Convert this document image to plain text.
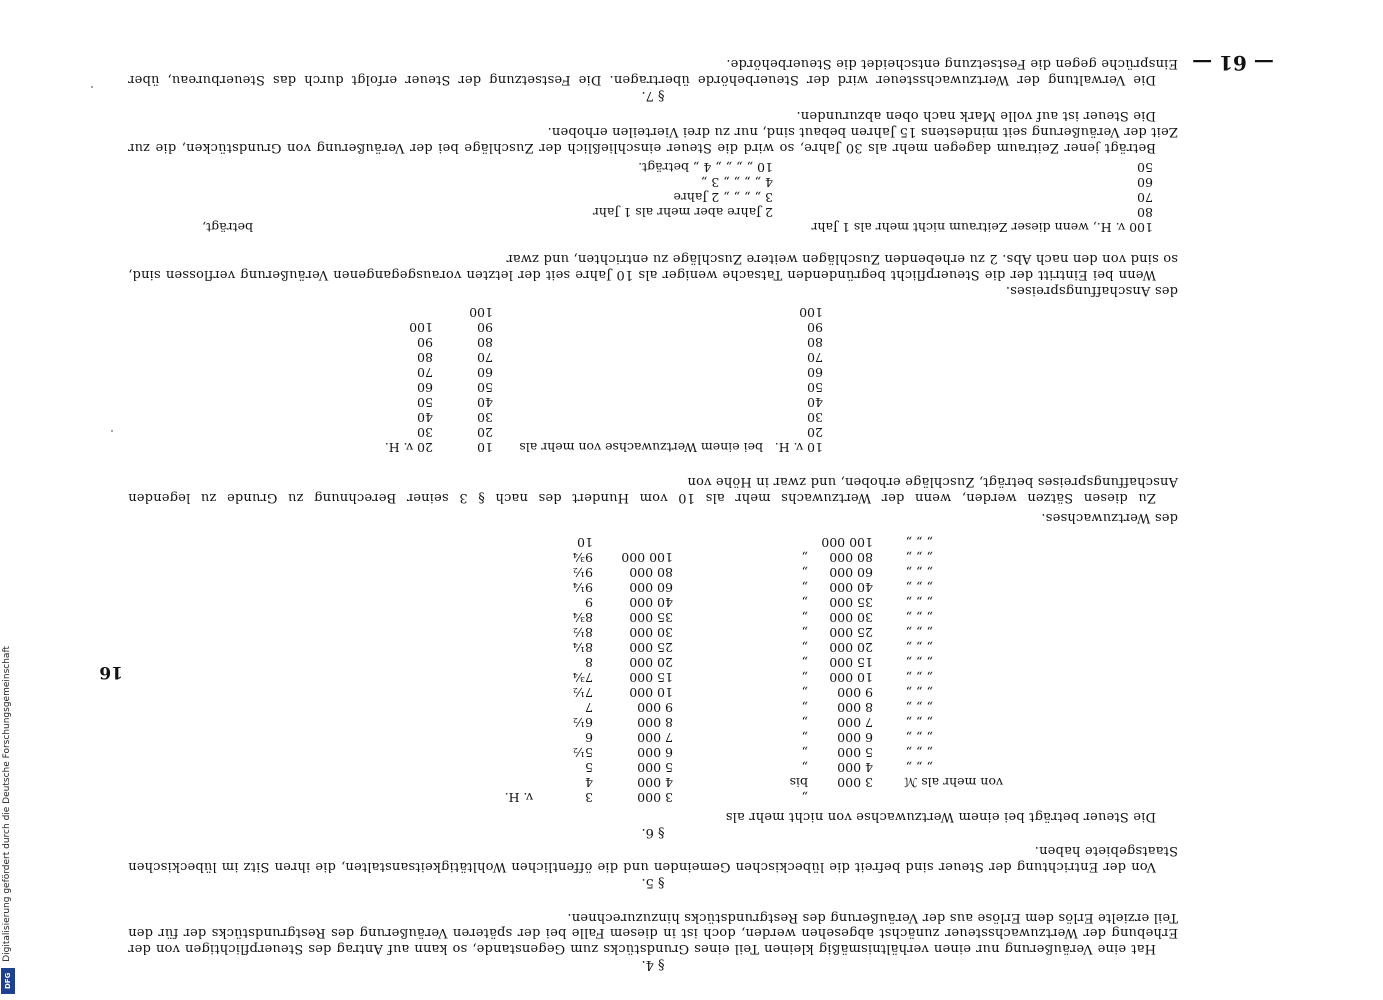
— 61 —
§ 4.
Hat eine Veräußerung nur einen verhältnismäßig kleinen Teil eines Grundstücks zum Gegenstande, so kann auf Antrag des Steuerpflichtigen von der Erhebung der Wertzuwachssteuer zunächst abgesehen werden, doch ist in diesem Falle bei der späteren Veräußerung des Restgrundstücks der für den Teil erzielte Erlös dem Erlöse aus der Veräußerung des Restgrundstücks hinzuzurechnen.
§ 5.
Von der Entrichtung der Steuer sind befreit die lübeckischen Gemeinden und die öffentlichen Wohltätigkeitsanstalten, die ihren Sitz im lübeckischen Staatsgebiete haben.
§ 6.
Die Steuer beträgt bei einem Wertzuwachse von nicht mehr als
„
3 000
3
v. H.
von mehr als ℳ
3 000
bis
4 000
4
„ „ „
4 000
„
5 000
5
„ „ „
5 000
„
6 000
5½
„ „ „
6 000
„
7 000
6
„ „ „
7 000
„
8 000
6½
„ „ „
8 000
„
9 000
7
„ „ „
9 000
„
10 000
7½
„ „ „
10 000
„
15 000
7¾
„ „ „
15 000
„
20 000
8
„ „ „
20 000
„
25 000
8¼
„ „ „
25 000
„
30 000
8½
„ „ „
30 000
„
35 000
8¾
„ „ „
35 000
„
40 000
9
„ „ „
40 000
„
60 000
9¼
„ „ „
60 000
„
80 000
9½
„ „ „
80 000
„
100 000
9¾
„ „ „
100 000
10
des Wertzuwachses.
Zu diesen Sätzen werden, wenn der Wertzuwachs mehr als 10 vom Hundert des nach § 3 seiner Berechnung zu Grunde zu legenden Anschaffungspreises beträgt, Zuschläge erhoben, und zwar in Höhe von
10 v. H.
bei einem Wertzuwachse von mehr als
10
20 v. H.
20
20
30
30
30
40
40
40
50
50
50
60
60
60
70
70
70
80
80
80
90
90
90
100
100
100
des Anschaffungspreises.
Wenn bei Eintritt der die Steuerpflicht begründenden Tatsache weniger als 10 Jahre seit der letzten vorausgegangenen Veräußerung verflossen sind, so sind von den nach Abs. 2 zu erhebenden Zuschlägen weitere Zuschläge zu entrichten, und zwar
100 v. H., wenn dieser Zeitraum nicht mehr als 1 Jahr
beträgt,
80
2 Jahre aber mehr als 1 Jahr
70
3 „ „ „ „ 2 Jahre
60
4 „ „ „ „ 3 „
50
10 „ „ „ „ 4 „ beträgt.
Beträgt jener Zeitraum dagegen mehr als 30 Jahre, so wird die Steuer einschließlich der Zuschläge bei der Veräußerung von Grundstücken, die zur Zeit der Veräußerung seit mindestens 15 Jahren bebaut sind, nur zu drei Vierteilen erhoben.
Die Steuer ist auf volle Mark nach oben abzurunden.
§ 7.
Die Verwaltung der Wertzuwachssteuer wird der Steuerbehörde übertragen. Die Festsetzung der Steuer erfolgt durch das Steuerbureau, über Einsprüche gegen die Festsetzung entscheidet die Steuerbehörde.
16
Digitalisierung gefördert durch die Deutsche Forschungsgemeinschaft
DFG
